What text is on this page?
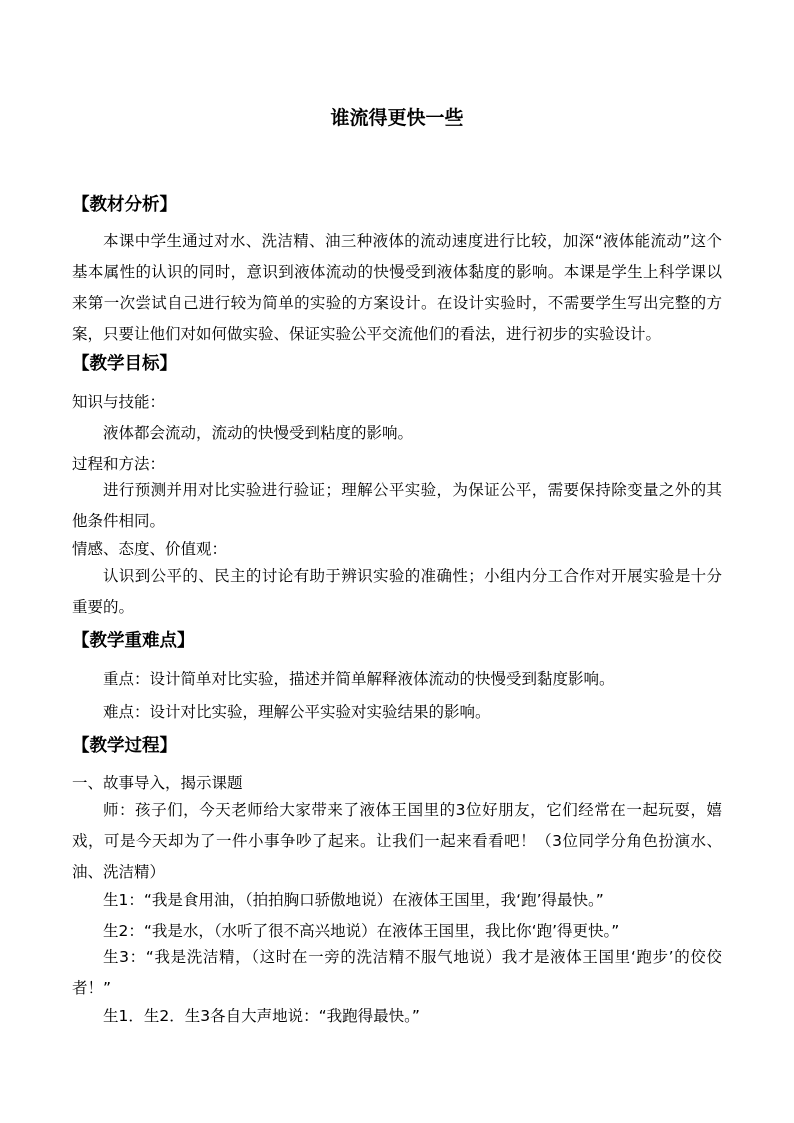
谁流得更快一些
【教材分析】
本课中学生通过对水、洗洁精、油三种液体的流动速度进行比较，加深“液体能流动”这个基本属性的认识的同时，意识到液体流动的快慢受到液体黏度的影响。本课是学生上科学课以来第一次尝试自己进行较为简单的实验的方案设计。在设计实验时，不需要学生写出完整的方案，只要让他们对如何做实验、保证实验公平交流他们的看法，进行初步的实验设计。
【教学目标】
知识与技能：
液体都会流动，流动的快慢受到粘度的影响。
过程和方法：
进行预测并用对比实验进行验证；理解公平实验，为保证公平，需要保持除变量之外的其他条件相同。
情感、态度、价值观：
认识到公平的、民主的讨论有助于辨识实验的准确性；小组内分工合作对开展实验是十分重要的。
【教学重难点】
重点：设计简单对比实验，描述并简单解释液体流动的快慢受到黏度影响。
难点：设计对比实验，理解公平实验对实验结果的影响。
【教学过程】
一、故事导入，揭示课题
师：孩子们，今天老师给大家带来了液体王国里的3位好朋友，它们经常在一起玩耍，嬉戏，可是今天却为了一件小事争吵了起来。让我们一起来看看吧！（3位同学分角色扮演水、油、洗洁精）
生1：“我是食用油，（拍拍胸口骄傲地说）在液体王国里，我‘跑’得最快。”
生2：“我是水，（水听了很不高兴地说）在液体王国里，我比你‘跑’得更快。”
生3：“我是洗洁精，（这时在一旁的洗洁精不服气地说）我才是液体王国里‘跑步’的佼佼者！”
生1．生2．生3各自大声地说：“我跑得最快。”
